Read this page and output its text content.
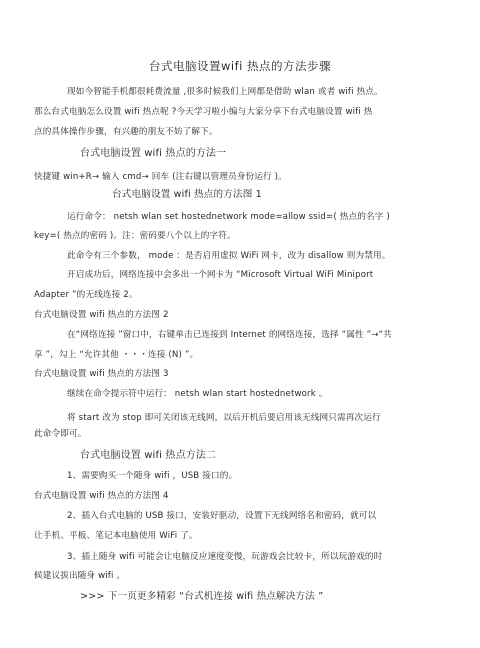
台式电脑设置wifi 热点的方法步骤
现如今智能手机都很耗费流量 ,很多时候我们上网都是借助 wlan 或者 wifi 热点。
那么台式电脑怎么设置 wifi 热点呢 ?今天学习啦小编与大家分享下台式电脑设置 wifi 热
点的具体操作步骤，有兴趣的朋友不妨了解下。
台式电脑设置 wifi 热点的方法一
快捷键 win+R→ 输入 cmd→ 回车 (注右键以管理员身份运行 )。
台式电脑设置 wifi 热点的方法图 1
运行命令： netsh wlan set hostednetwork mode=allow ssid=( 热点的名字 )
key=( 热点的密码 )。注：密码要八个以上的字符。
此命令有三个参数， mode ：是否启用虚拟 WiFi 网卡，改为 disallow 则为禁用。
开启成功后，网络连接中会多出一个网卡为 “Microsoft Virtual WiFi Miniport
Adapter ”的无线连接 2。
台式电脑设置 wifi 热点的方法图 2
在“网络连接 ”窗口中，右键单击已连接到 Internet 的网络连接，选择 “属性 ”→“共
享 ”，勾上 “允许其他 ・・・连接 (N) ”。
台式电脑设置 wifi 热点的方法图 3
继续在命令提示符中运行： netsh wlan start hostednetwork 。
将 start 改为 stop 即可关闭该无线网，以后开机后要启用该无线网只需再次运行
此命令即可。
台式电脑设置 wifi 热点方法二
1、需要购买一个随身 wifi ，USB 接口的。
台式电脑设置 wifi 热点的方法图 4
2、插入台式电脑的 USB 接口，安装好驱动，设置下无线网络名和密码，就可以
让手机、平板、笔记本电脑使用 WiFi 了。
3、插上随身 wifi 可能会让电脑反应速度变慢，玩游戏会比较卡，所以玩游戏的时
候建议拔出随身 wifi 。
>>> 下一页更多精彩 “台式机连接 wifi 热点解决方法 ”
